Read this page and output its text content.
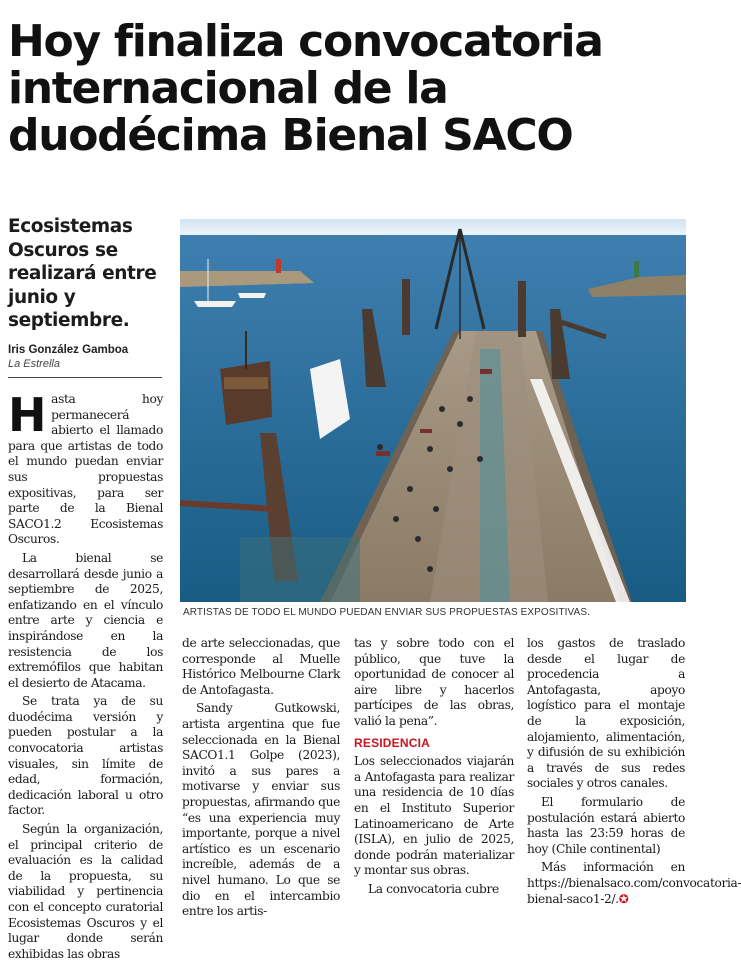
Hoy finaliza convocatoria internacional de la duodécima Bienal SACO
Ecosistemas Oscuros se realizará entre junio y septiembre.
Iris González Gamboa
La Estrella
ARTISTAS DE TODO EL MUNDO PUEDAN ENVIAR SUS PROPUESTAS EXPOSITIVAS.

Hasta hoy permanecerá abierto el llamado para que artistas de todo el mundo puedan enviar sus propuestas expositivas, para ser parte de la Bienal SACO1.2 Ecosistemas Oscuros.

La bienal se desarrollará desde junio a septiembre de 2025, enfatizando en el vínculo entre arte y ciencia e inspirándose en la resistencia de los extremófilos que habitan el desierto de Atacama.

Se trata ya de su duodécima versión y pueden postular a la convocatoria artistas visuales, sin límite de edad, formación, dedicación laboral u otro factor.

Según la organización, el principal criterio de evaluación es la calidad de la propuesta, su viabilidad y pertinencia con el concepto curatorial Ecosistemas Oscuros y el lugar donde serán exhibidas las obras

de arte seleccionadas, que corresponde al Muelle Histórico Melbourne Clark de Antofagasta.

Sandy Gutkowski, artista argentina que fue seleccionada en la Bienal SACO1.1 Golpe (2023), invitó a sus pares a motivarse y enviar sus propuestas, afirmando que “es una experiencia muy importante, porque a nivel artístico es un escenario increíble, además de a nivel humano. Lo que se dio en el intercambio entre los artis-

tas y sobre todo con el público, que tuve la oportunidad de conocer al aire libre y hacerlos partícipes de las obras, valió la pena”.

RESIDENCIA

Los seleccionados viajarán a Antofagasta para realizar una residencia de 10 días en el Instituto Superior Latinoamericano de Arte (ISLA), en julio de 2025, donde podrán materializar y montar sus obras.

La convocatoria cubre

los gastos de traslado desde el lugar de procedencia a Antofagasta, apoyo logístico para el montaje de la exposición, alojamiento, alimentación, y difusión de su exhibición a través de sus redes sociales y otros canales.

El formulario de postulación estará abierto hasta las 23:59 horas de hoy (Chile continental)

Más información en https://bienalsaco.com/convocatoria-bienal-saco1-2/.✪
